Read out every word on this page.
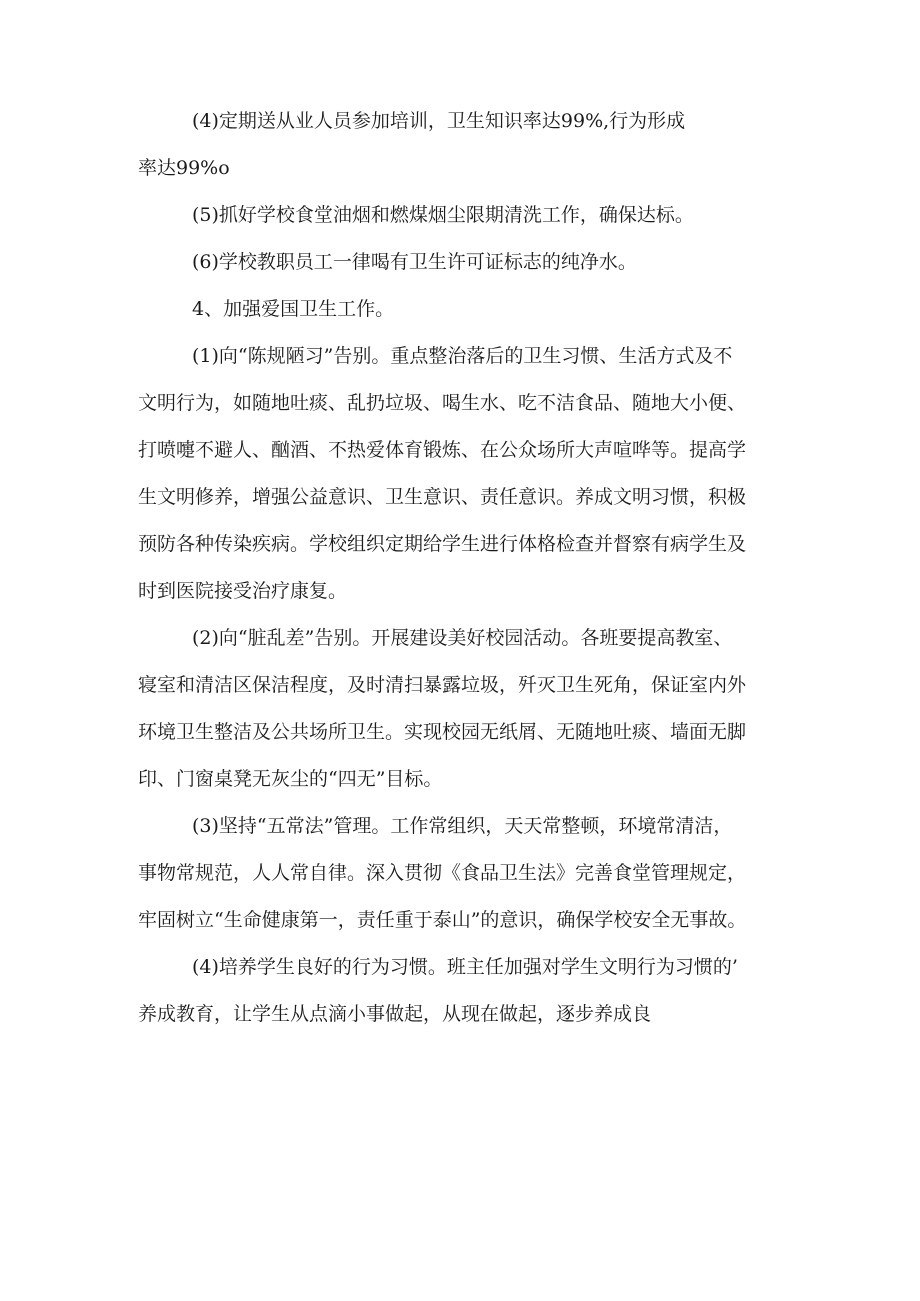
(4)定期送从业人员参加培训，卫生知识率达99%,行为形成
率达99%o
(5)抓好学校食堂油烟和燃煤烟尘限期清洗工作，确保达标。
(6)学校教职员工一律喝有卫生许可证标志的纯净水。
4、加强爱国卫生工作。
(1)向“陈规陋习”告别。重点整治落后的卫生习惯、生活方式及不
文明行为，如随地吐痰、乱扔垃圾、喝生水、吃不洁食品、随地大小便、
打喷嚏不避人、酗酒、不热爱体育锻炼、在公众场所大声喧哗等。提高学
生文明修养，增强公益意识、卫生意识、责任意识。养成文明习惯，积极
预防各种传染疾病。学校组织定期给学生进行体格检查并督察有病学生及
时到医院接受治疗康复。
(2)向“脏乱差”告别。开展建设美好校园活动。各班要提高教室、
寝室和清洁区保洁程度，及时清扫暴露垃圾，歼灭卫生死角，保证室内外
环境卫生整洁及公共场所卫生。实现校园无纸屑、无随地吐痰、墙面无脚
印、门窗桌凳无灰尘的“四无”目标。
(3)坚持“五常法”管理。工作常组织，天天常整顿，环境常清洁，
事物常规范，人人常自律。深入贯彻《食品卫生法》完善食堂管理规定，
牢固树立“生命健康第一，责任重于泰山”的意识，确保学校安全无事故。
(4)培养学生良好的行为习惯。班主任加强对学生文明行为习惯的’
养成教育，让学生从点滴小事做起，从现在做起，逐步养成良
